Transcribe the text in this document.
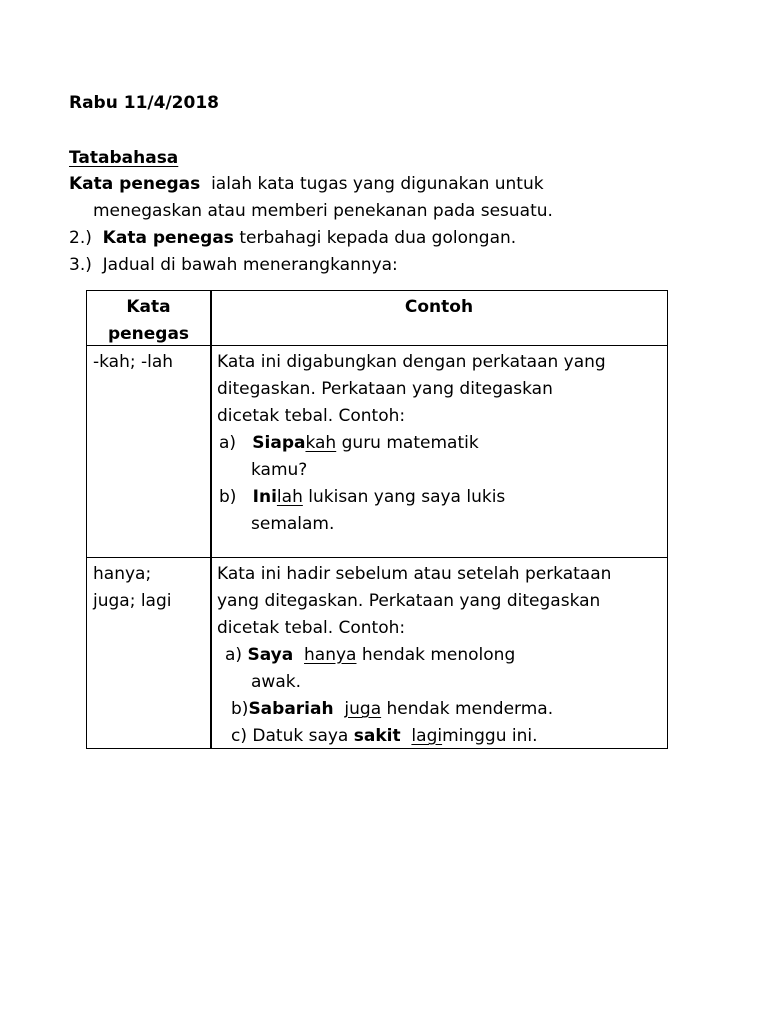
Rabu 11/4/2018
Tatabahasa
Kata penegas ialah kata tugas yang digunakan untuk
menegaskan atau memberi penekanan pada sesuatu.
2.) Kata penegas terbahagi kepada dua golongan.
3.) Jadual di bawah menerangkannya:
Kata
penegas
Contoh
-kah; -lah	Kata ini digabungkan dengan perkataan yang
ditegaskan. Perkataan yang ditegaskan
dicetak tebal. Contoh:
a) Siapakah guru matematik
kamu?
b) Inilah lukisan yang saya lukis
semalam.
hanya;
juga; lagi
Kata ini hadir sebelum atau setelah perkataan
yang ditegaskan. Perkataan yang ditegaskan
dicetak tebal. Contoh:
a) Saya hanya hendak menolong
awak.
b)Sabariah juga hendak menderma.
c) Datuk saya sakit lagiminggu ini.
